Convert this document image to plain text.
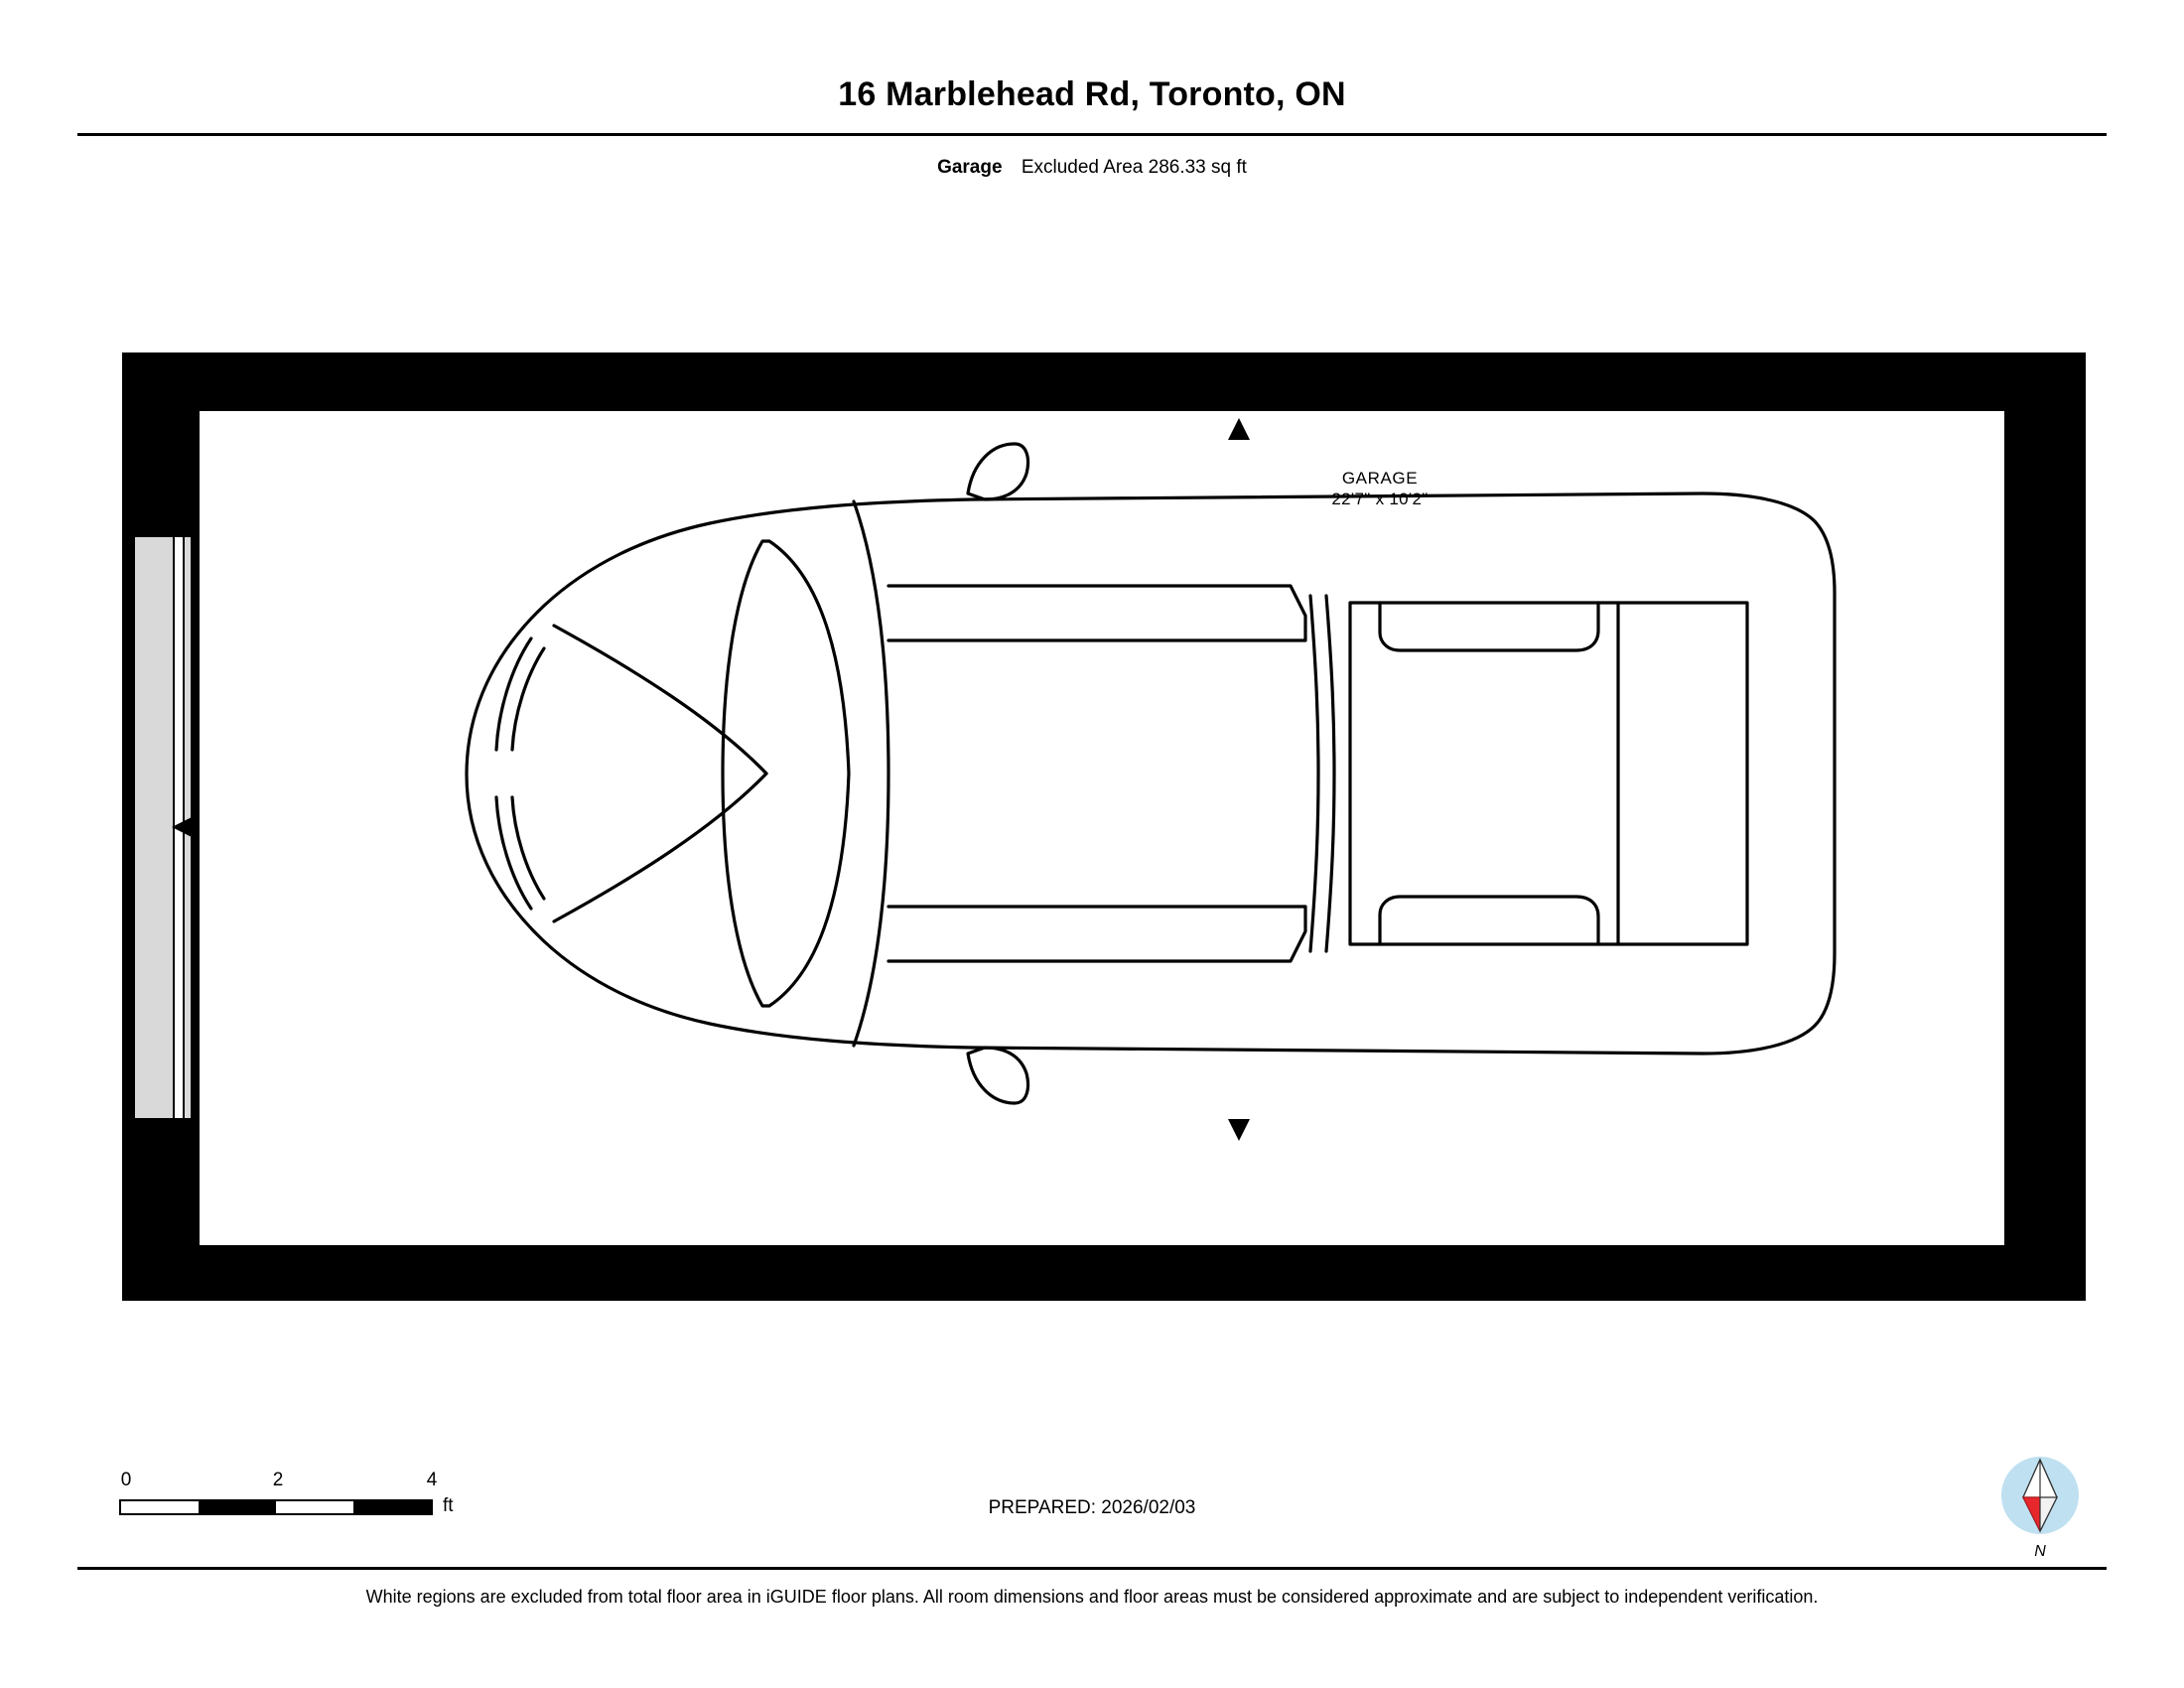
16 Marblehead Rd, Toronto, ON
Garage Excluded Area 286.33 sq ft
GARAGE
22'7" x 10'2"
0	2	4
ft	PREPARED: 2026/02/03
N
White regions are excluded from total floor area in iGUIDE floor plans. All room dimensions and floor areas must be considered approximate and are subject to independent verification.
